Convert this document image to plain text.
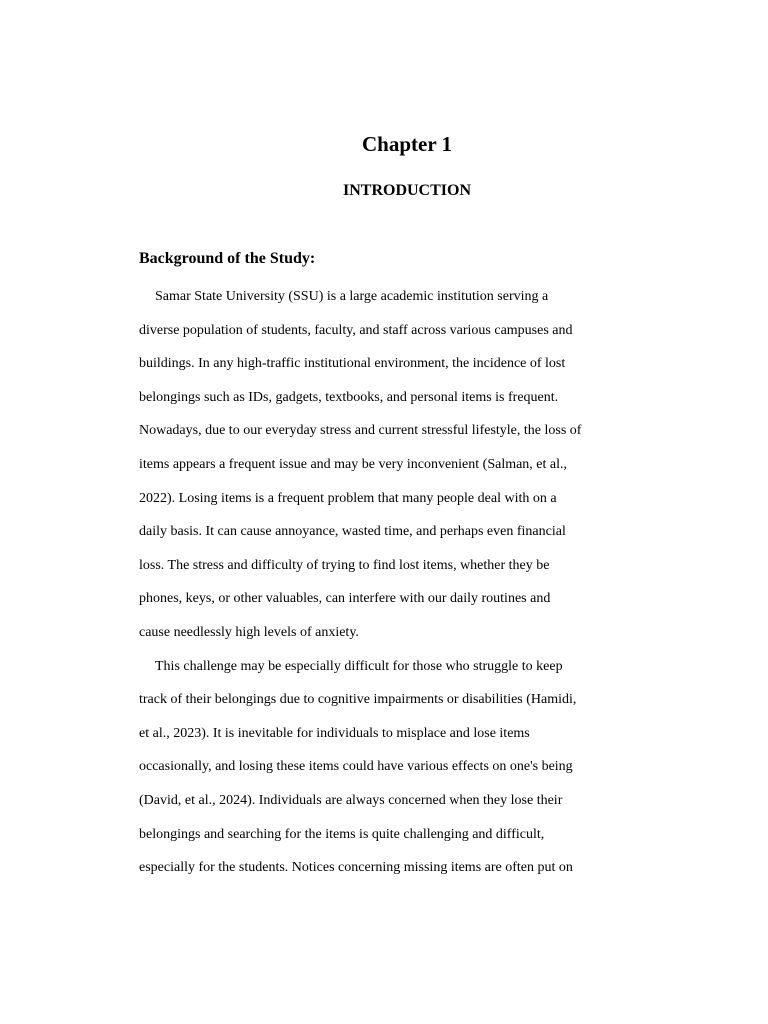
Chapter 1
INTRODUCTION
Background of the Study:
Samar State University (SSU) is a large academic institution serving a
diverse population of students, faculty, and staff across various campuses and
buildings. In any high-traffic institutional environment, the incidence of lost
belongings such as IDs, gadgets, textbooks, and personal items is frequent.
Nowadays, due to our everyday stress and current stressful lifestyle, the loss of
items appears a frequent issue and may be very inconvenient (Salman, et al.,
2022). Losing items is a frequent problem that many people deal with on a
daily basis. It can cause annoyance, wasted time, and perhaps even financial
loss. The stress and difficulty of trying to find lost items, whether they be
phones, keys, or other valuables, can interfere with our daily routines and
cause needlessly high levels of anxiety.
This challenge may be especially difficult for those who struggle to keep
track of their belongings due to cognitive impairments or disabilities (Hamidi,
et al., 2023). It is inevitable for individuals to misplace and lose items
occasionally, and losing these items could have various effects on one's being
(David, et al., 2024). Individuals are always concerned when they lose their
belongings and searching for the items is quite challenging and difficult,
especially for the students. Notices concerning missing items are often put on
